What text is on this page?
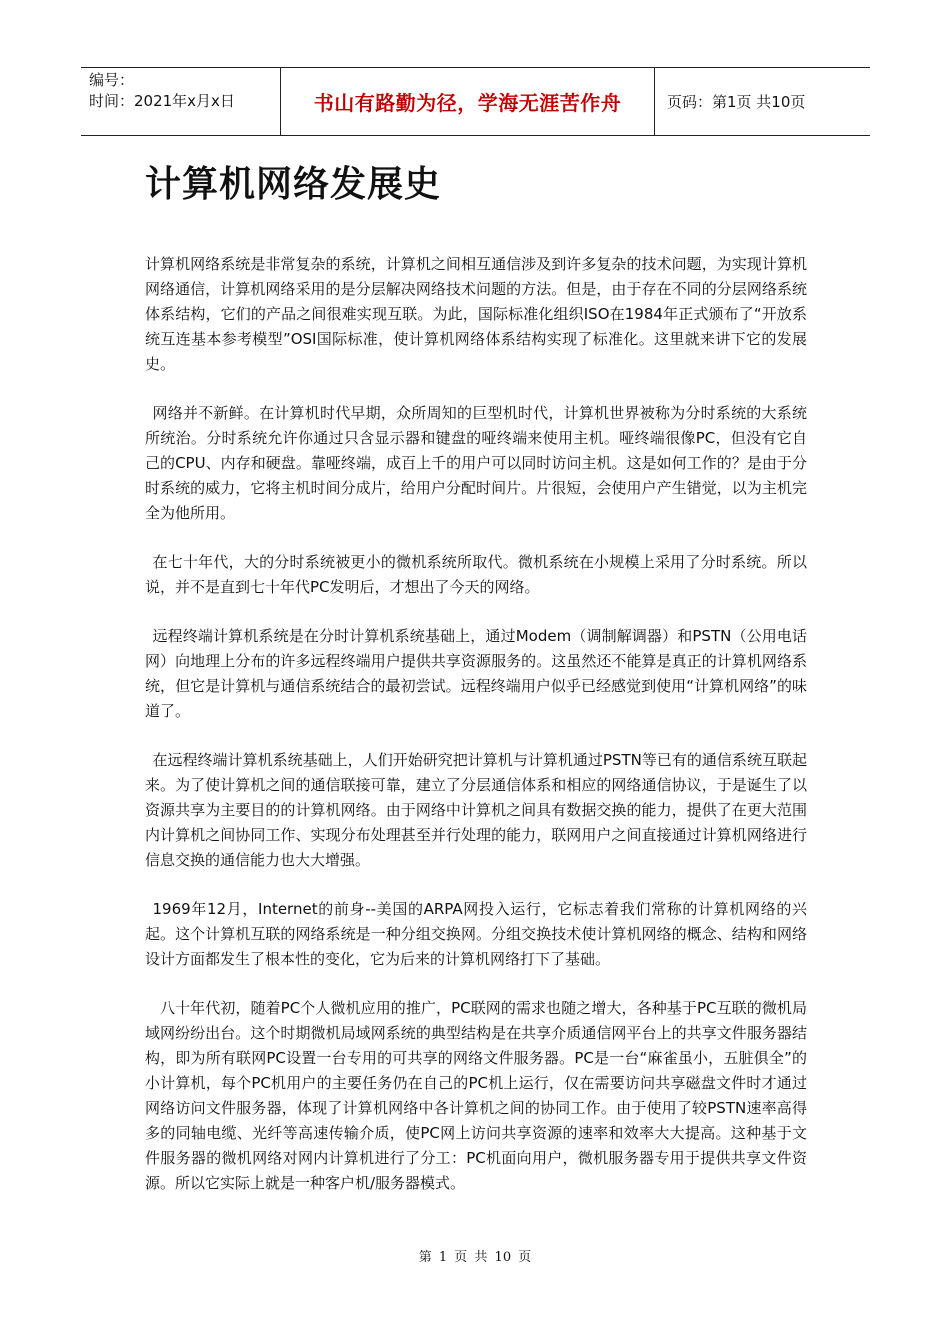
编号：
时间：2021年x月x日	书山有路勤为径，学海无涯苦作舟	页码：第1页 共10页
计算机网络发展史

计算机网络系统是非常复杂的系统，计算机之间相互通信涉及到许多复杂的技术问题，为实现计算机网络通信，计算机网络采用的是分层解决网络技术问题的方法。但是，由于存在不同的分层网络系统体系结构，它们的产品之间很难实现互联。为此，国际标准化组织ISO在1984年正式颁布了“开放系统互连基本参考模型”OSI国际标准，使计算机网络体系结构实现了标准化。这里就来讲下它的发展史。

网络并不新鲜。在计算机时代早期，众所周知的巨型机时代，计算机世界被称为分时系统的大系统所统治。分时系统允许你通过只含显示器和键盘的哑终端来使用主机。哑终端很像PC，但没有它自己的CPU、内存和硬盘。靠哑终端，成百上千的用户可以同时访问主机。这是如何工作的？是由于分时系统的威力，它将主机时间分成片，给用户分配时间片。片很短，会使用户产生错觉，以为主机完全为他所用。

在七十年代，大的分时系统被更小的微机系统所取代。微机系统在小规模上采用了分时系统。所以说，并不是直到七十年代PC发明后，才想出了今天的网络。

远程终端计算机系统是在分时计算机系统基础上，通过Modem（调制解调器）和PSTN（公用电话网）向地理上分布的许多远程终端用户提供共享资源服务的。这虽然还不能算是真正的计算机网络系统，但它是计算机与通信系统结合的最初尝试。远程终端用户似乎已经感觉到使用“计算机网络”的味道了。

在远程终端计算机系统基础上，人们开始研究把计算机与计算机通过PSTN等已有的通信系统互联起来。为了使计算机之间的通信联接可靠，建立了分层通信体系和相应的网络通信协议，于是诞生了以资源共享为主要目的的计算机网络。由于网络中计算机之间具有数据交换的能力，提供了在更大范围内计算机之间协同工作、实现分布处理甚至并行处理的能力，联网用户之间直接通过计算机网络进行信息交换的通信能力也大大增强。

1969年12月，Internet的前身--美国的ARPA网投入运行，它标志着我们常称的计算机网络的兴起。这个计算机互联的网络系统是一种分组交换网。分组交换技术使计算机网络的概念、结构和网络设计方面都发生了根本性的变化，它为后来的计算机网络打下了基础。

八十年代初，随着PC个人微机应用的推广，PC联网的需求也随之增大，各种基于PC互联的微机局域网纷纷出台。这个时期微机局域网系统的典型结构是在共享介质通信网平台上的共享文件服务器结构，即为所有联网PC设置一台专用的可共享的网络文件服务器。PC是一台“麻雀虽小，五脏俱全”的小计算机，每个PC机用户的主要任务仍在自己的PC机上运行，仅在需要访问共享磁盘文件时才通过网络访问文件服务器，体现了计算机网络中各计算机之间的协同工作。由于使用了较PSTN速率高得多的同轴电缆、光纤等高速传输介质，使PC网上访问共享资源的速率和效率大大提高。这种基于文件服务器的微机网络对网内计算机进行了分工：PC机面向用户，微机服务器专用于提供共享文件资源。所以它实际上就是一种客户机/服务器模式。

第 1 页 共 10 页
